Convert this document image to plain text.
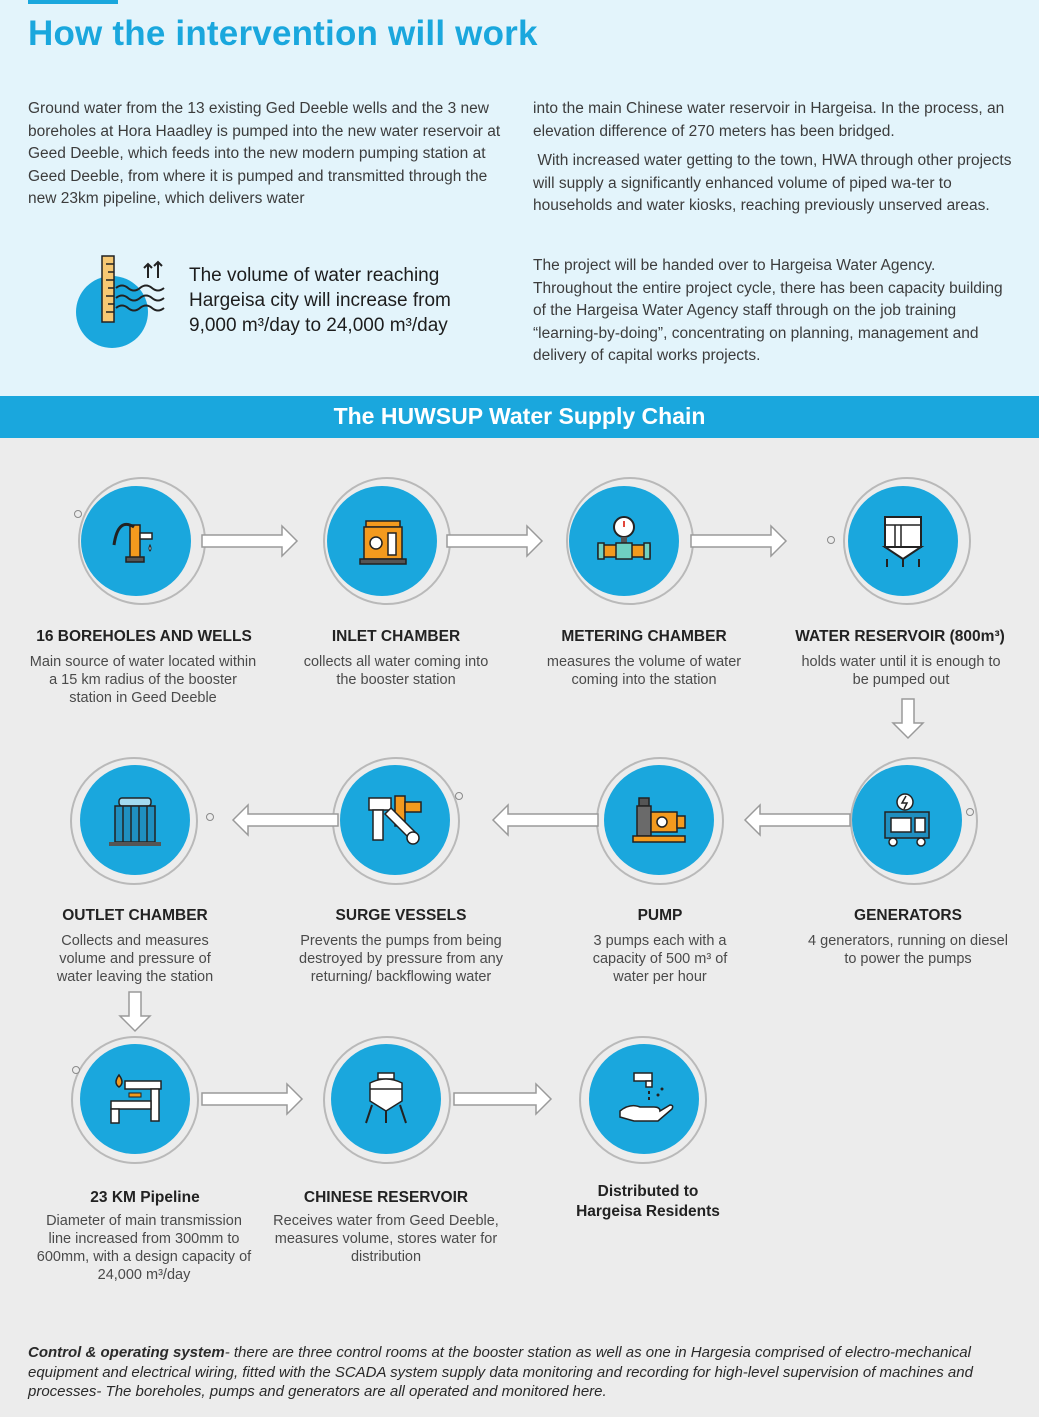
How the intervention will work

Ground water from the 13 existing Ged Deeble wells and the 3 new boreholes at Hora Haadley is pumped into the new water reservoir at Geed Deeble, which feeds into the new modern pumping station at Geed Deeble, from where it is pumped and transmitted through the new 23km pipeline, which delivers water

into the main Chinese water reservoir in Hargeisa. In the process, an elevation difference of 270 meters has been bridged.

With increased water getting to the town, HWA through other projects will supply a significantly enhanced volume of piped wa-ter to households and water kiosks, reaching previously unserved areas.

The project will be handed over to Hargeisa Water Agency. Throughout the entire project cycle, there has been capacity building of the Hargeisa Water Agency staff through on the job training “learning-by-doing”, concentrating on planning, management and delivery of capital works projects.

The volume of water reaching Hargeisa city will increase from 9,000 m³/day to 24,000 m³/day

The HUWSUP Water Supply Chain

16 BOREHOLES AND WELLS

Main source of water located within a 15 km radius of the booster station in Geed Deeble

INLET CHAMBER

collects all water coming into the booster station

METERING CHAMBER

measures the volume of water coming into the station

WATER RESERVOIR (800m³)

holds water until it is enough to be pumped out

OUTLET CHAMBER

Collects and measures volume and pressure of water leaving the station

SURGE VESSELS

Prevents the pumps from being destroyed by pressure from any returning/ backflowing water

PUMP

3 pumps each with a capacity of 500 m³ of water per hour

GENERATORS

4 generators, running on diesel to power the pumps

23 KM Pipeline

Diameter of main transmission line increased from 300mm to 600mm, with a design capacity of 24,000 m³/day

CHINESE RESERVOIR

Receives water from Geed Deeble, measures volume, stores water for distribution

Distributed to Hargeisa Residents

Control & operating system- there are three control rooms at the booster station as well as one in Hargesia comprised of electro-mechanical equipment and electrical wiring, fitted with the SCADA system supply data monitoring and recording for high-level supervision of machines and processes- The boreholes, pumps and generators are all operated and monitored here.
